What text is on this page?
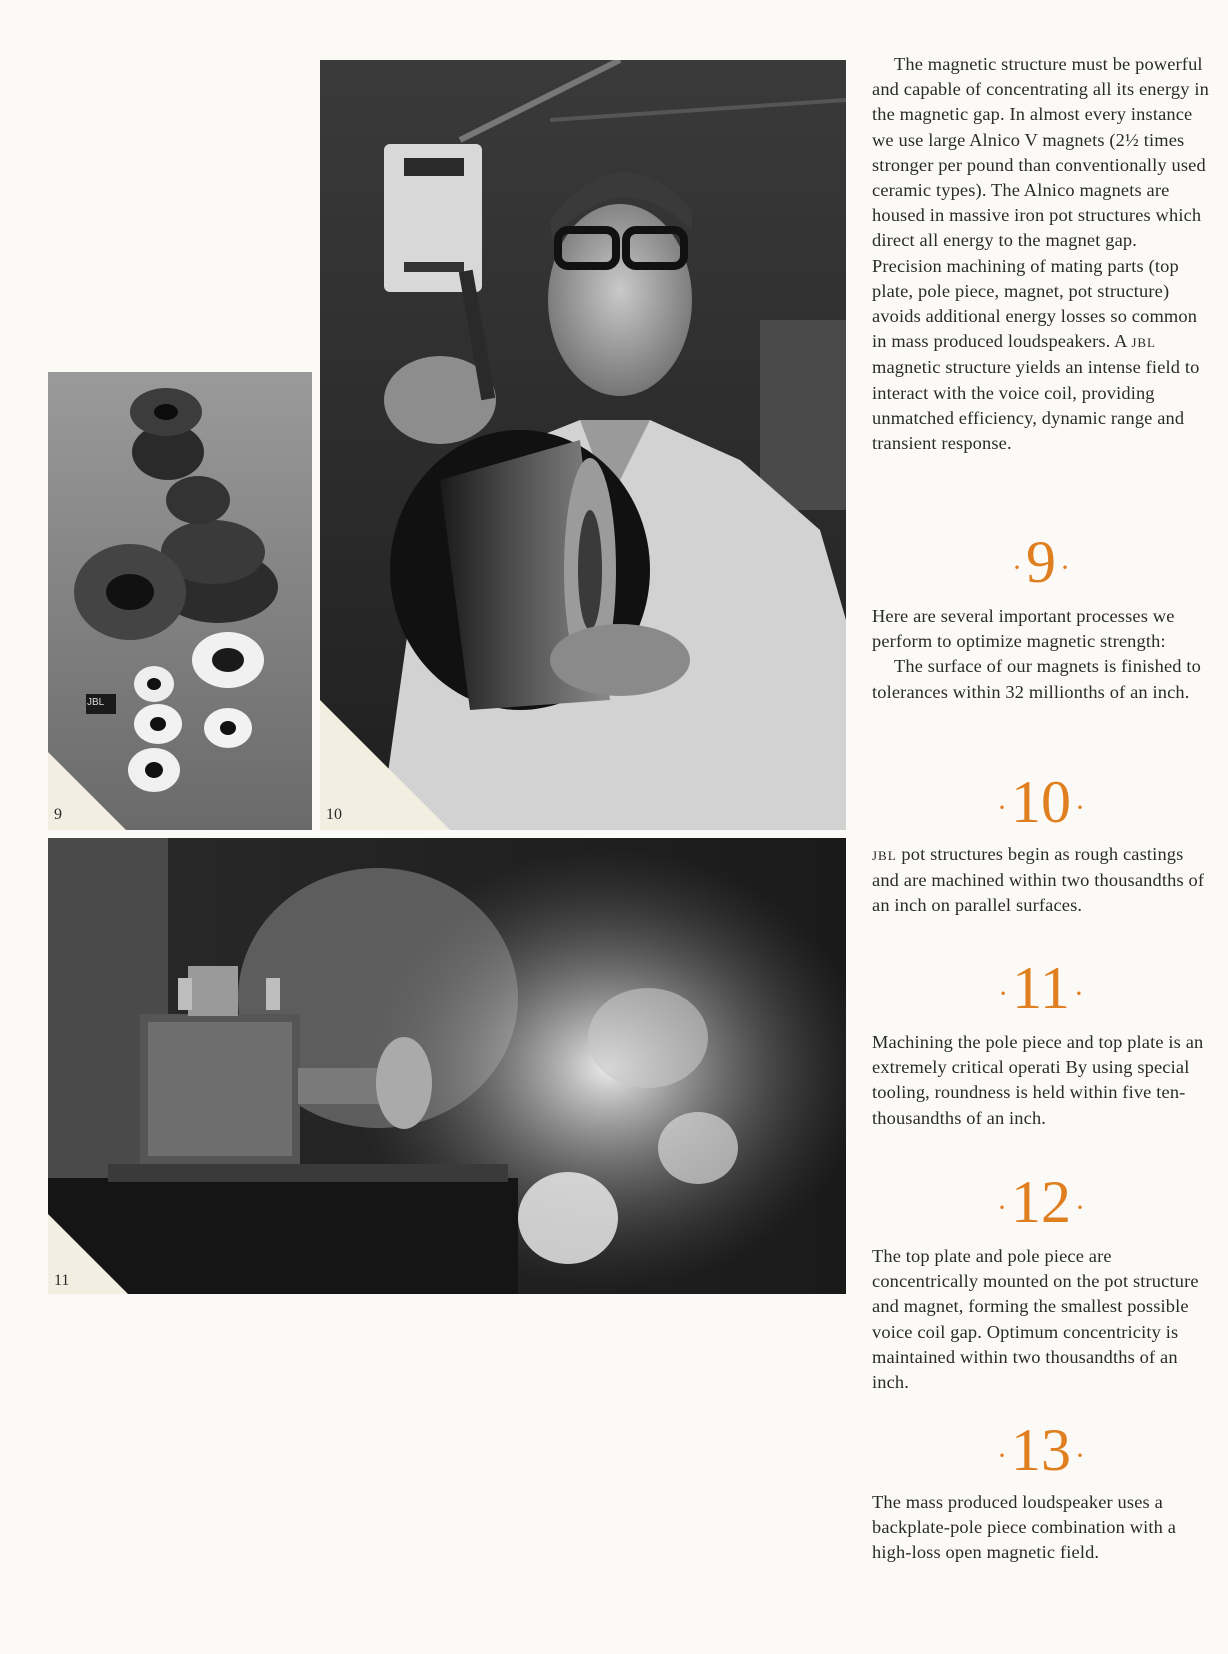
JBL
9	10
11

The magnetic structure must be powerful and capable of concentrating all its energy in the magnetic gap. In almost every instance we use large Alnico V magnets (2½ times stronger per pound than conventionally used ceramic types). The Alnico magnets are housed in massive iron pot structures which direct all energy to the magnet gap. Precision machining of mating parts (top plate, pole piece, magnet, pot structure) avoids additional energy losses so common in mass produced loudspeakers. A JBL magnetic structure yields an intense field to interact with the voice coil, providing unmatched efficiency, dynamic range and transient response.

·9 ·

Here are several important processes we perform to optimize magnetic strength:

The surface of our magnets is finished to tolerances within 32 millionths of an inch.

·10 ·

JBL pot structures begin as rough castings and are machined within two thousandths of an inch on parallel surfaces.

·11 ·

Machining the pole piece and top plate is an extremely critical operati By using special tooling, roundness is held within five ten-thousandths of an inch.

·12 ·

The top plate and pole piece are concentrically mounted on the pot structure and magnet, forming the smallest possible voice coil gap. Optimum concentricity is maintained within two thousandths of an inch.

·13 ·

The mass produced loudspeaker uses a backplate-pole piece combination with a high-loss open magnetic field.
